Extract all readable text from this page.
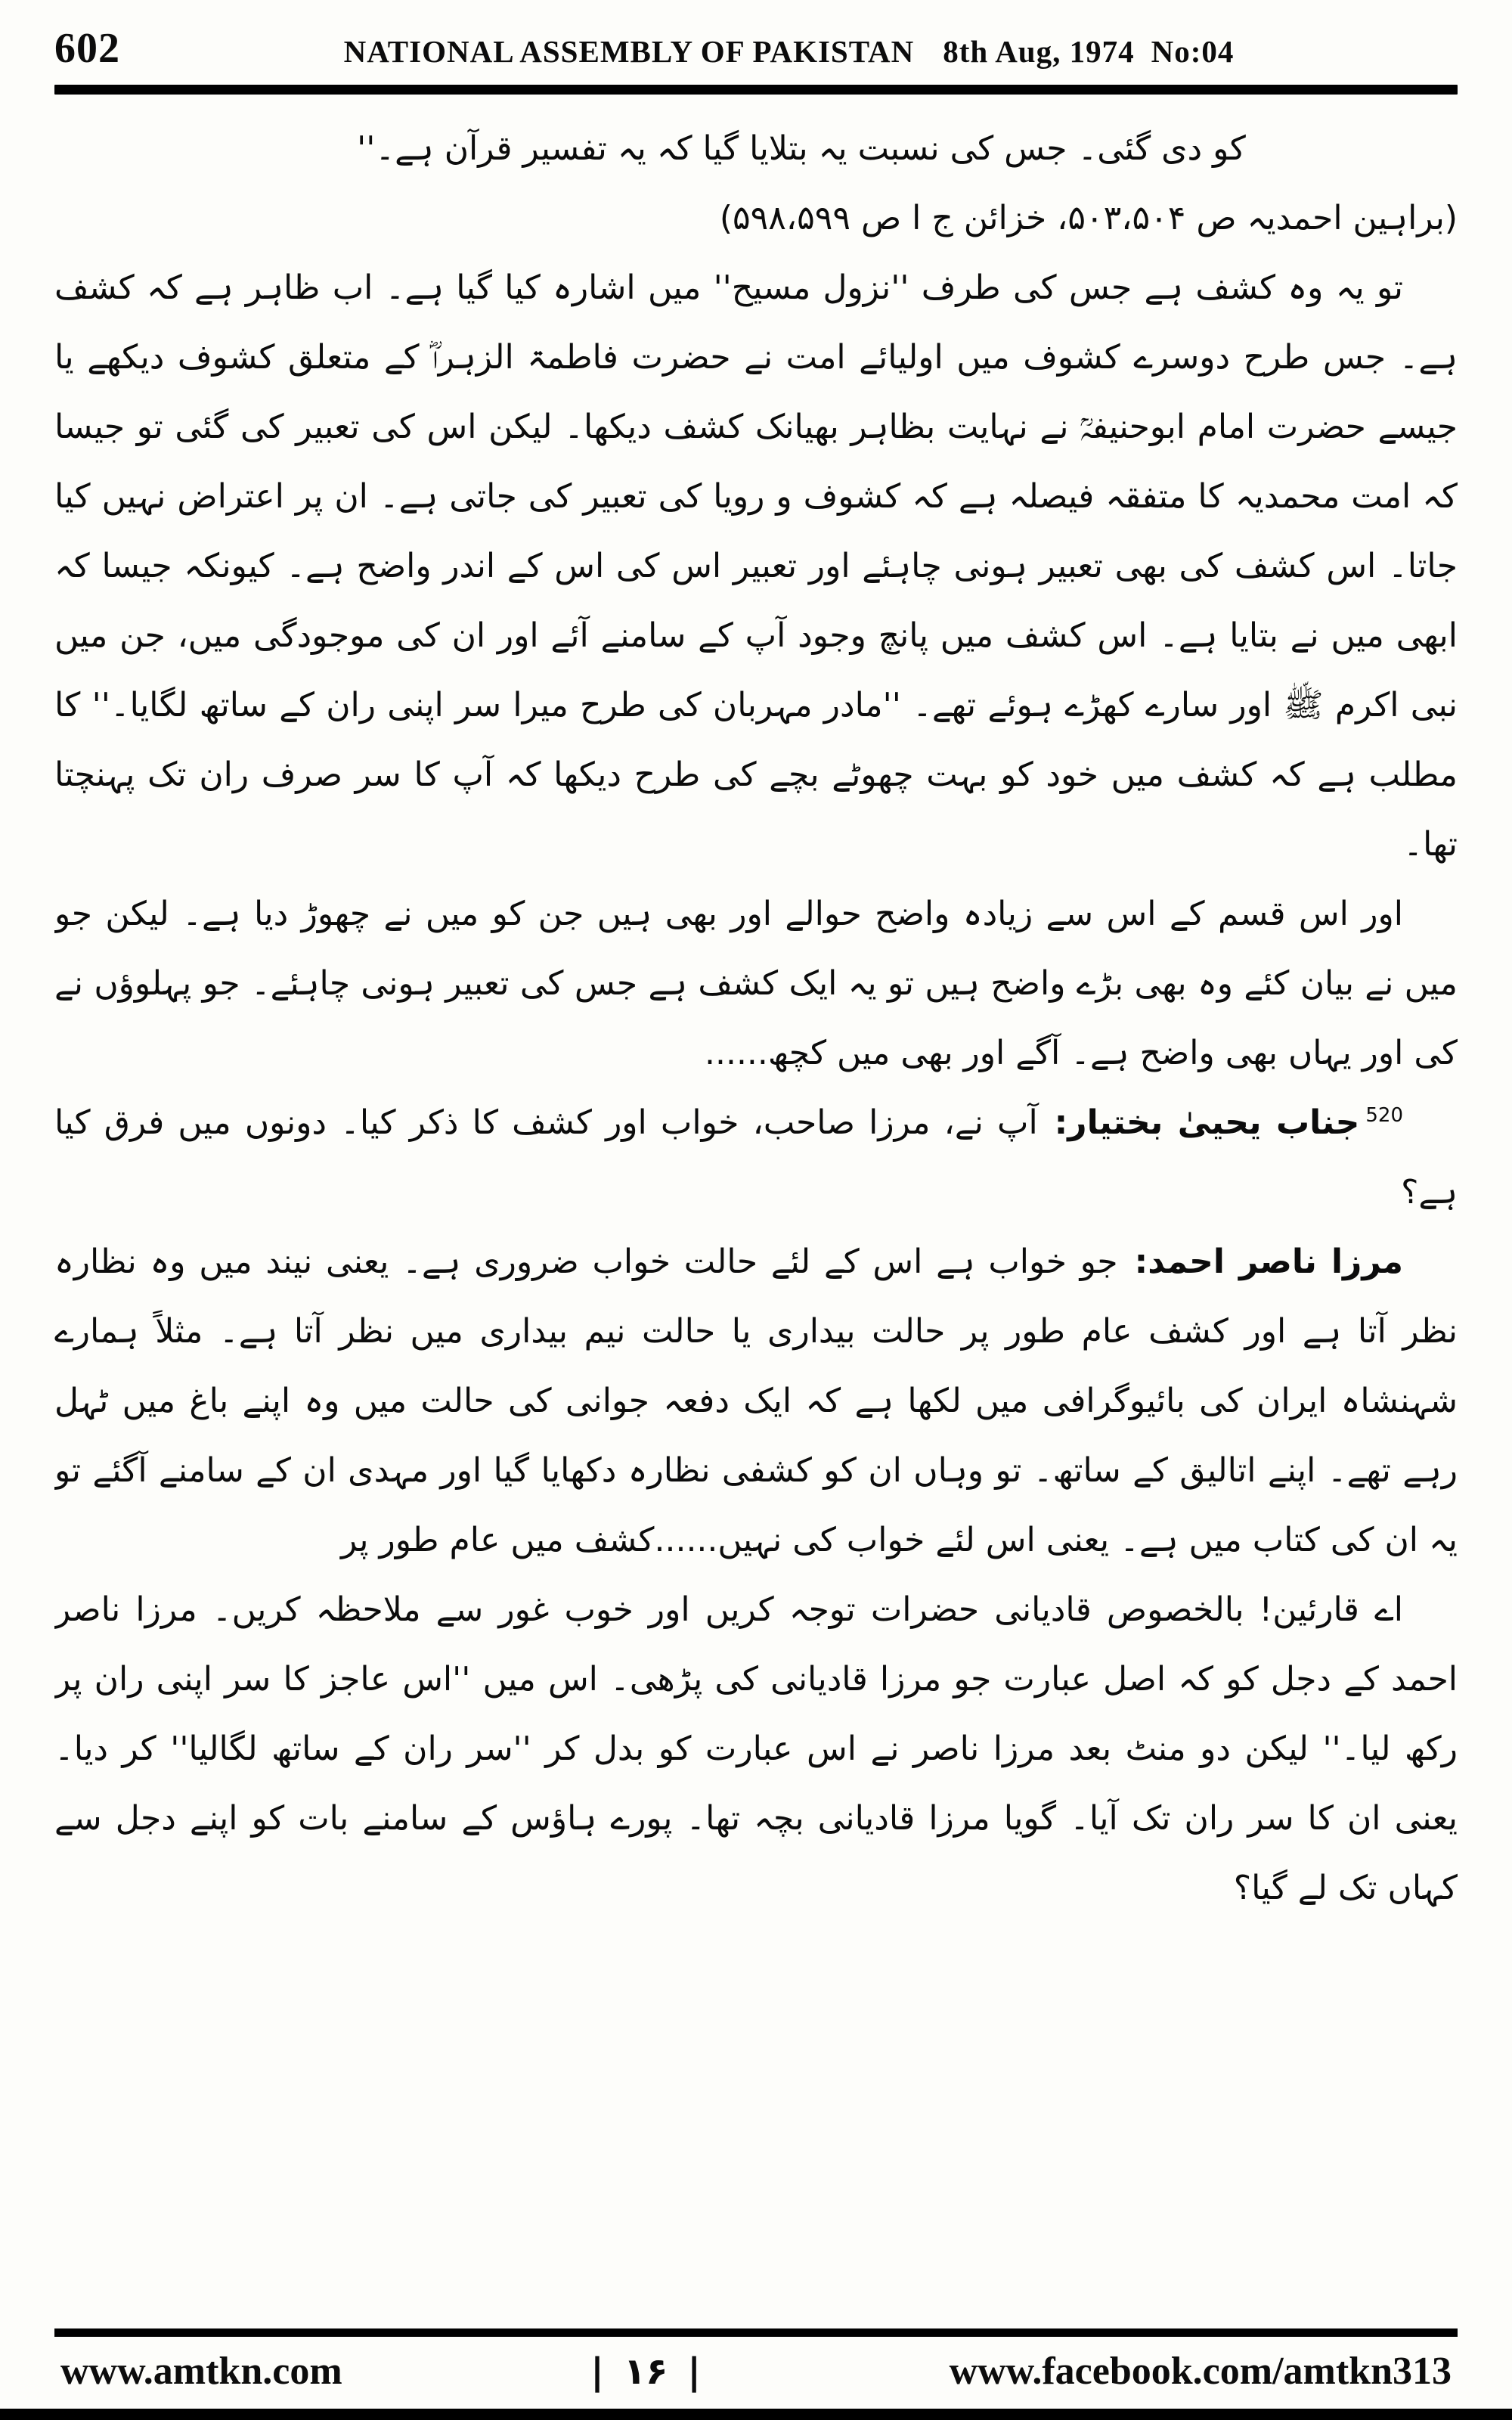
602	NATIONAL ASSEMBLY OF PAKISTAN 8th Aug, 1974 No:04

کو دی گئی۔ جس کی نسبت یہ بتلایا گیا کہ یہ تفسیر قرآن ہے۔''

(براہین احمدیہ ص ۵۰۳،۵۰۴، خزائن ج ا ص ۵۹۸،۵۹۹)

تو یہ وہ کشف ہے جس کی طرف ''نزول مسیح'' میں اشارہ کیا گیا ہے۔ اب ظاہر ہے کہ کشف ہے۔ جس طرح دوسرے کشوف میں اولیائے امت نے حضرت فاطمۃ الزہراؓ کے متعلق کشوف دیکھے یا جیسے حضرت امام ابوحنیفہؒ نے نہایت بظاہر بھیانک کشف دیکھا۔ لیکن اس کی تعبیر کی گئی تو جیسا کہ امت محمدیہ کا متفقہ فیصلہ ہے کہ کشوف و رویا کی تعبیر کی جاتی ہے۔ ان پر اعتراض نہیں کیا جاتا۔ اس کشف کی بھی تعبیر ہونی چاہئے اور تعبیر اس کی اس کے اندر واضح ہے۔ کیونکہ جیسا کہ ابھی میں نے بتایا ہے۔ اس کشف میں پانچ وجود آپ کے سامنے آئے اور ان کی موجودگی میں، جن میں نبی اکرم ﷺ اور سارے کھڑے ہوئے تھے۔ ''مادر مہربان کی طرح میرا سر اپنی ران کے ساتھ لگایا۔'' کا مطلب ہے کہ کشف میں خود کو بہت چھوٹے بچے کی طرح دیکھا کہ آپ کا سر صرف ران تک پہنچتا تھا۔

اور اس قسم کے اس سے زیادہ واضح حوالے اور بھی ہیں جن کو میں نے چھوڑ دیا ہے۔ لیکن جو میں نے بیان کئے وہ بھی بڑے واضح ہیں تو یہ ایک کشف ہے جس کی تعبیر ہونی چاہئے۔ جو پہلوؤں نے کی اور یہاں بھی واضح ہے۔ آگے اور بھی میں کچھ......

$^{520}$جناب یحییٰ بختیار:آپ نے، مرزا صاحب، خواب اور کشف کا ذکر کیا۔ دونوں میں فرق کیا ہے؟

مرزا ناصر احمد:جو خواب ہے اس کے لئے حالت خواب ضروری ہے۔ یعنی نیند میں وہ نظارہ نظر آتا ہے اور کشف عام طور پر حالت بیداری یا حالت نیم بیداری میں نظر آتا ہے۔ مثلاً ہمارے شہنشاہ ایران کی بائیوگرافی میں لکھا ہے کہ ایک دفعہ جوانی کی حالت میں وہ اپنے باغ میں ٹہل رہے تھے۔ اپنے اتالیق کے ساتھ۔ تو وہاں ان کو کشفی نظارہ دکھایا گیا اور مہدی ان کے سامنے آگئے تو یہ ان کی کتاب میں ہے۔ یعنی اس لئے خواب کی نہیں......کشف میں عام طور پر

اے قارئین! بالخصوص قادیانی حضرات توجہ کریں اور خوب غور سے ملاحظہ کریں۔ مرزا ناصر احمد کے دجل کو کہ اصل عبارت جو مرزا قادیانی کی پڑھی۔ اس میں ''اس عاجز کا سر اپنی ران پر رکھ لیا۔'' لیکن دو منٹ بعد مرزا ناصر نے اس عبارت کو بدل کر ''سر ران کے ساتھ لگالیا'' کر دیا۔ یعنی ان کا سر ران تک آیا۔ گویا مرزا قادیانی بچہ تھا۔ پورے ہاؤس کے سامنے بات کو اپنے دجل سے کہاں تک لے گیا؟

www.amtkn.com	| ۱۶ |	www.facebook.com/amtkn313
